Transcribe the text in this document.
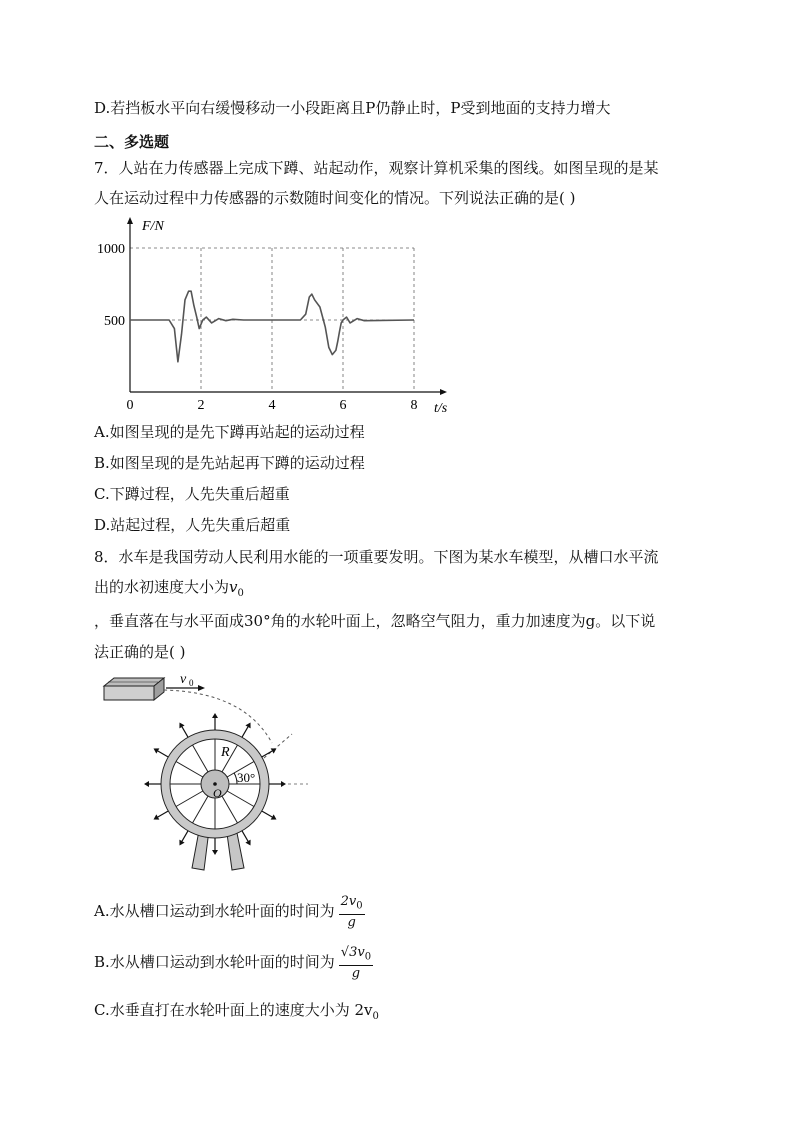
D.若挡板水平向右缓慢移动一小段距离且P仍静止时，P受到地面的支持力增大
二、多选题
7．人站在力传感器上完成下蹲、站起动作，观察计算机采集的图线。如图呈现的是某
人在运动过程中力传感器的示数随时间变化的情况。下列说法正确的是( )
0	2	4	6	8
500
1000
t/s
F/N
A.如图呈现的是先下蹲再站起的运动过程
B.如图呈现的是先站起再下蹲的运动过程
C.下蹲过程，人先失重后超重
D.站起过程，人先失重后超重
8．水车是我国劳动人民利用水能的一项重要发明。下图为某水车模型，从槽口水平流
出的水初速度大小为$v_0$
，垂直落在与水平面成30°角的水轮叶面上，忽略空气阻力，重力加速度为g。以下说
法正确的是( )
v 0
R
30°
O
A.水从槽口运动到水轮叶面的时间为 $\frac{2v_0}{g}$
B.水从槽口运动到水轮叶面的时间为 $\frac{√3v_0}{g}$
C.水垂直打在水轮叶面上的速度大小为 $2v_0$
